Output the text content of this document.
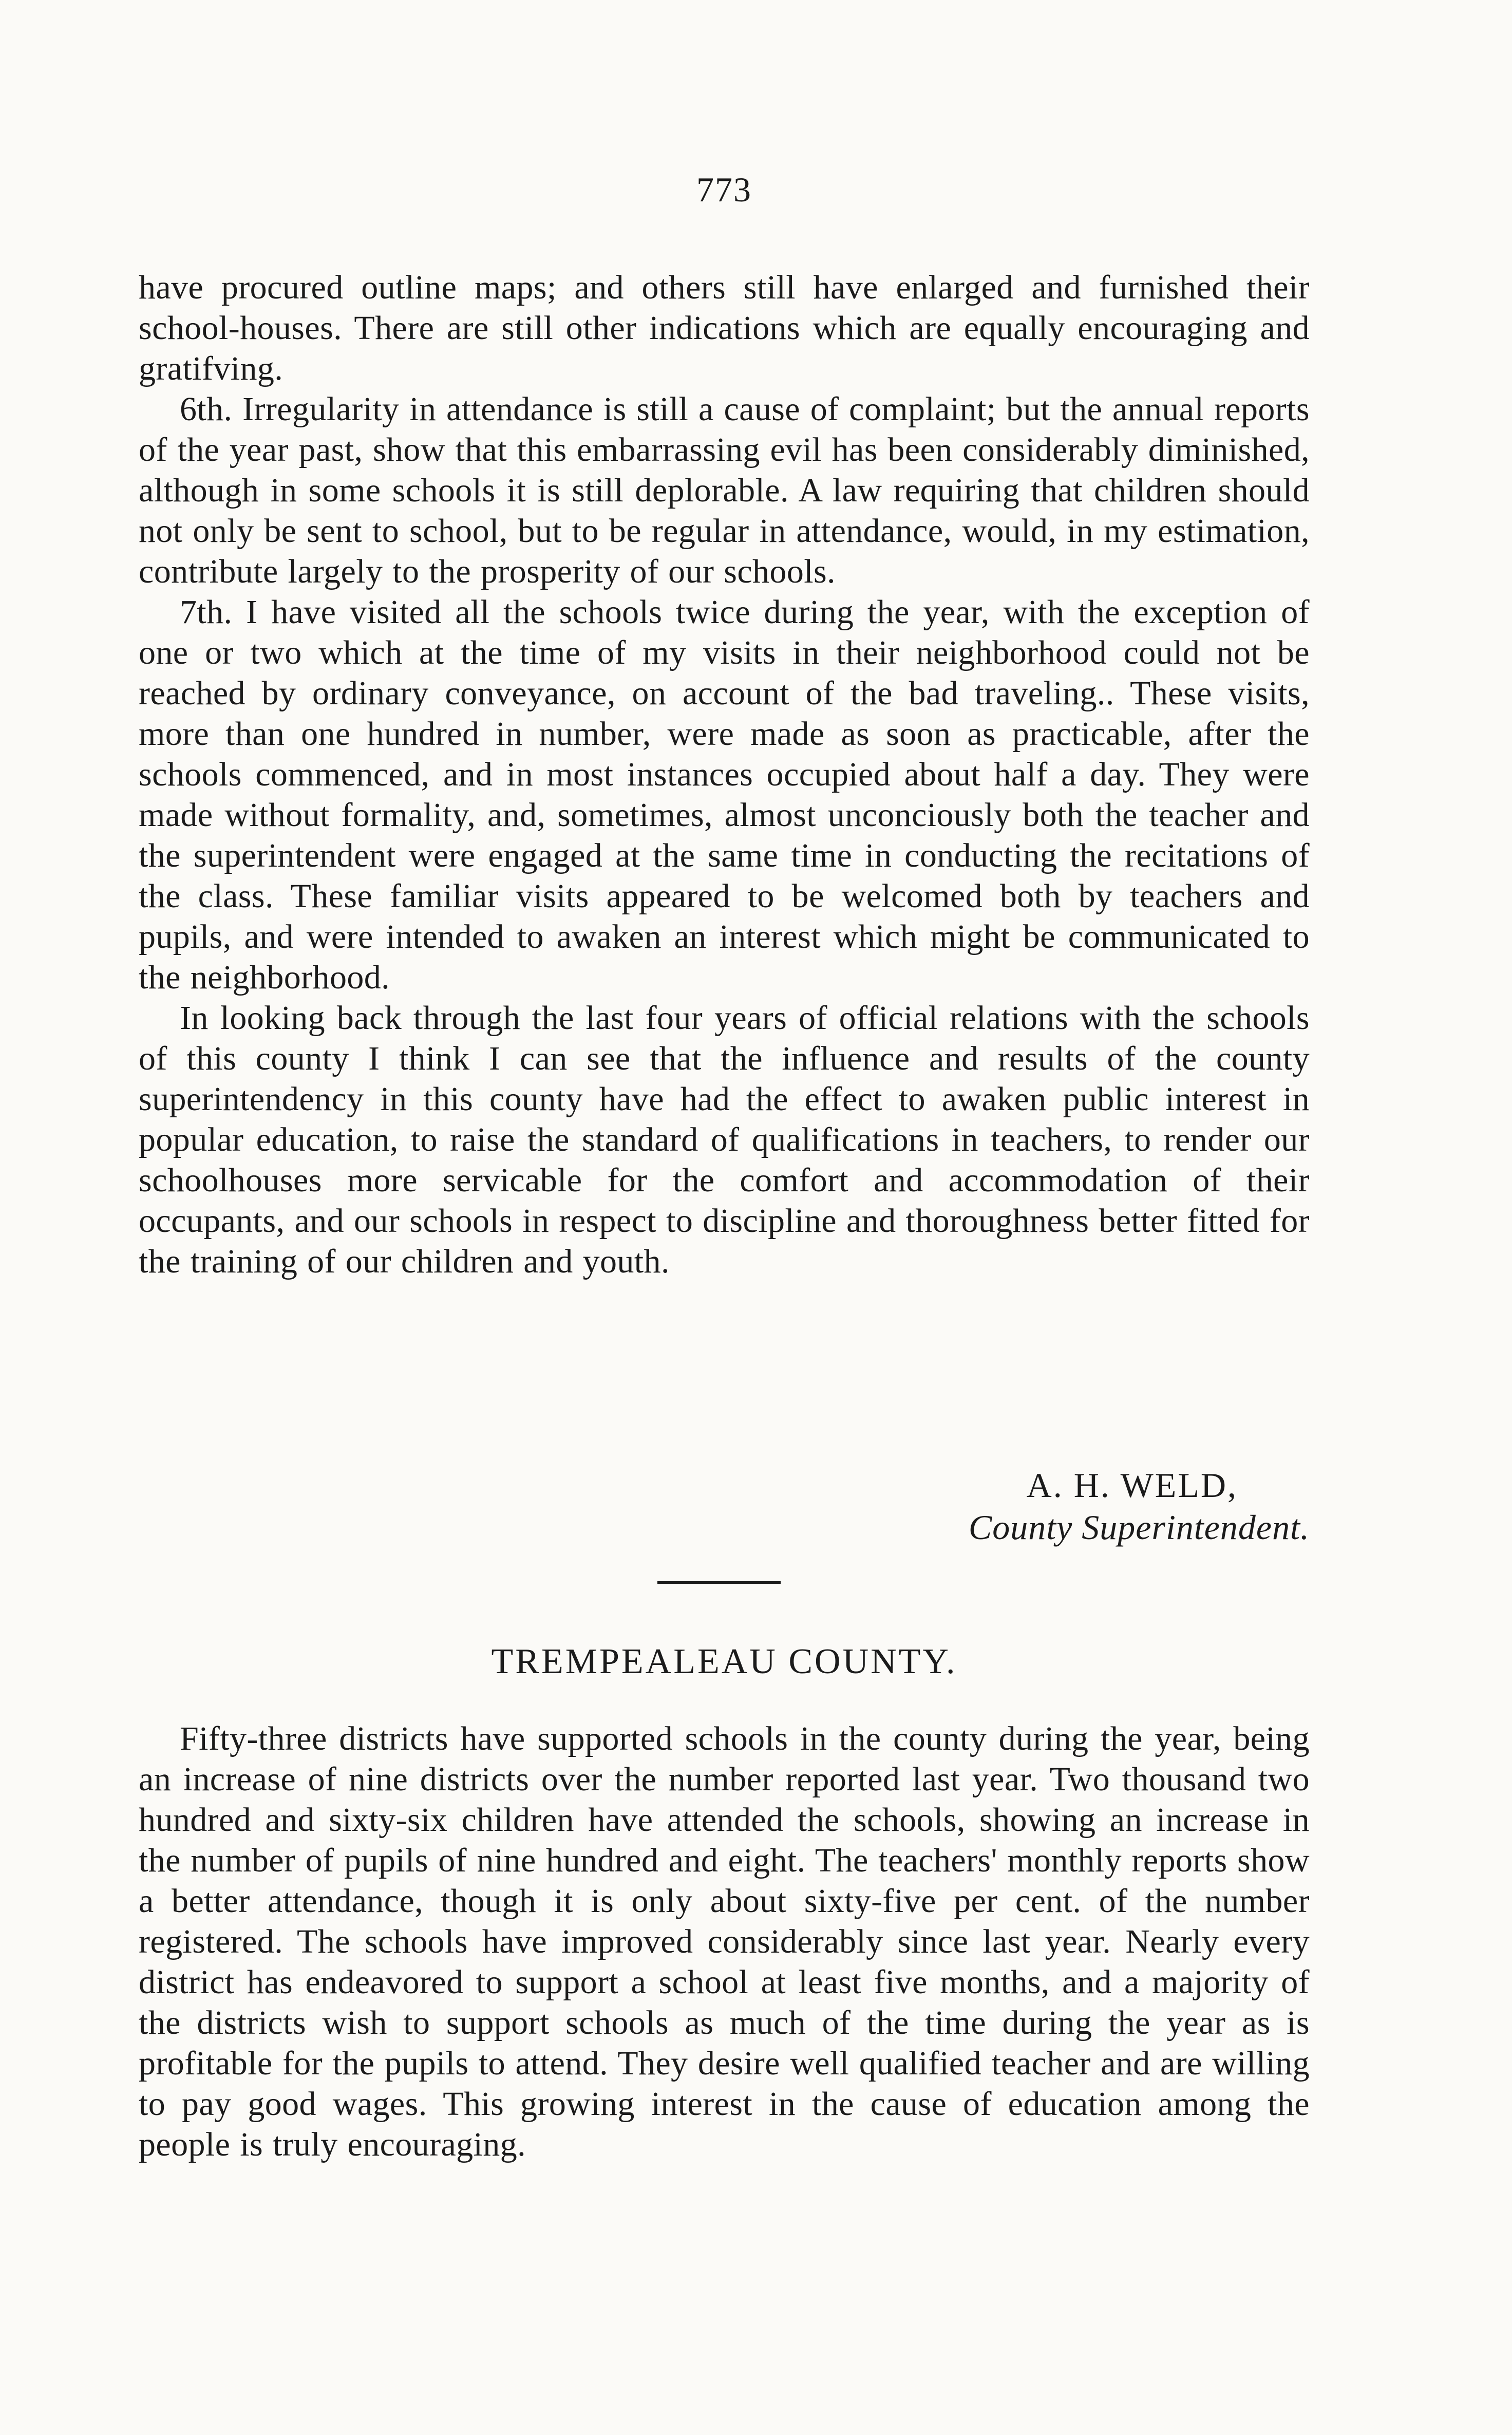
773

have procured outline maps; and others still have enlarged and furnished their school-houses. There are still other indications which are equally encouraging and gratifving.

6th. Irregularity in attendance is still a cause of complaint; but the annual reports of the year past, show that this embarrassing evil has been considerably diminished, although in some schools it is still deplorable. A law requiring that children should not only be sent to school, but to be regular in attendance, would, in my estimation, contribute largely to the prosperity of our schools.

7th. I have visited all the schools twice during the year, with the exception of one or two which at the time of my visits in their neighborhood could not be reached by ordinary conveyance, on account of the bad traveling.. These visits, more than one hundred in number, were made as soon as practicable, after the schools commenced, and in most instances occupied about half a day. They were made without formality, and, sometimes, almost unconciously both the teacher and the superintendent were engaged at the same time in conducting the recitations of the class. These familiar visits appeared to be welcomed both by teachers and pupils, and were intended to awaken an interest which might be communicated to the neighborhood.

In looking back through the last four years of official relations with the schools of this county I think I can see that the influence and results of the county superintendency in this county have had the effect to awaken public interest in popular education, to raise the standard of qualifications in teachers, to render our schoolhouses more servicable for the comfort and accommodation of their occupants, and our schools in respect to discipline and thoroughness better fitted for the training of our children and youth.

A. H. WELD,
County Superintendent.
TREMPEALEAU COUNTY.

Fifty-three districts have supported schools in the county during the year, being an increase of nine districts over the number reported last year. Two thousand two hundred and sixty-six children have attended the schools, showing an increase in the number of pupils of nine hundred and eight. The teachers' monthly reports show a better attendance, though it is only about sixty-five per cent. of the number registered. The schools have improved considerably since last year. Nearly every district has endeavored to support a school at least five months, and a majority of the districts wish to support schools as much of the time during the year as is profitable for the pupils to attend. They desire well qualified teacher and are willing to pay good wages. This growing interest in the cause of education among the people is truly encouraging.
